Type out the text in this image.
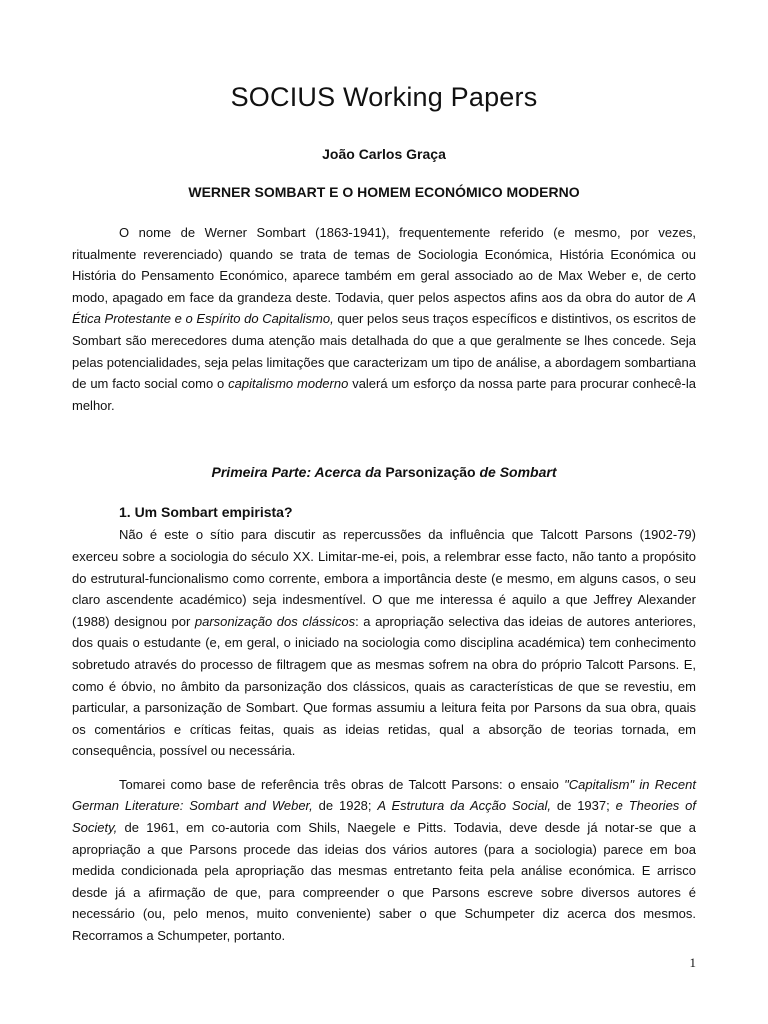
SOCIUS Working Papers
João Carlos Graça
WERNER SOMBART E O HOMEM ECONÓMICO MODERNO

O nome de Werner Sombart (1863-1941), frequentemente referido (e mesmo, por vezes, ritualmente reverenciado) quando se trata de temas de Sociologia Económica, História Económica ou História do Pensamento Económico, aparece também em geral associado ao de Max Weber e, de certo modo, apagado em face da grandeza deste. Todavia, quer pelos aspectos afins aos da obra do autor de A Ética Protestante e o Espírito do Capitalismo, quer pelos seus traços específicos e distintivos, os escritos de Sombart são merecedores duma atenção mais detalhada do que a que geralmente se lhes concede. Seja pelas potencialidades, seja pelas limitações que caracterizam um tipo de análise, a abordagem sombartiana de um facto social como o capitalismo moderno valerá um esforço da nossa parte para procurar conhecê-la melhor.

Primeira Parte: Acerca da Parsonização de Sombart
1. Um Sombart empirista?

Não é este o sítio para discutir as repercussões da influência que Talcott Parsons (1902-79) exerceu sobre a sociologia do século XX. Limitar-me-ei, pois, a relembrar esse facto, não tanto a propósito do estrutural-funcionalismo como corrente, embora a importância deste (e mesmo, em alguns casos, o seu claro ascendente académico) seja indesmentível. O que me interessa é aquilo a que Jeffrey Alexander (1988) designou por parsonização dos clássicos: a apropriação selectiva das ideias de autores anteriores, dos quais o estudante (e, em geral, o iniciado na sociologia como disciplina académica) tem conhecimento sobretudo através do processo de filtragem que as mesmas sofrem na obra do próprio Talcott Parsons. E, como é óbvio, no âmbito da parsonização dos clássicos, quais as características de que se revestiu, em particular, a parsonização de Sombart. Que formas assumiu a leitura feita por Parsons da sua obra, quais os comentários e críticas feitas, quais as ideias retidas, qual a absorção de teorias tornada, em consequência, possível ou necessária.

Tomarei como base de referência três obras de Talcott Parsons: o ensaio "Capitalism" in Recent German Literature: Sombart and Weber, de 1928; A Estrutura da Acção Social, de 1937; e Theories of Society, de 1961, em co-autoria com Shils, Naegele e Pitts. Todavia, deve desde já notar-se que a apropriação a que Parsons procede das ideias dos vários autores (para a sociologia) parece em boa medida condicionada pela apropriação das mesmas entretanto feita pela análise económica. E arrisco desde já a afirmação de que, para compreender o que Parsons escreve sobre diversos autores é necessário (ou, pelo menos, muito conveniente) saber o que Schumpeter diz acerca dos mesmos. Recorramos a Schumpeter, portanto.

1
